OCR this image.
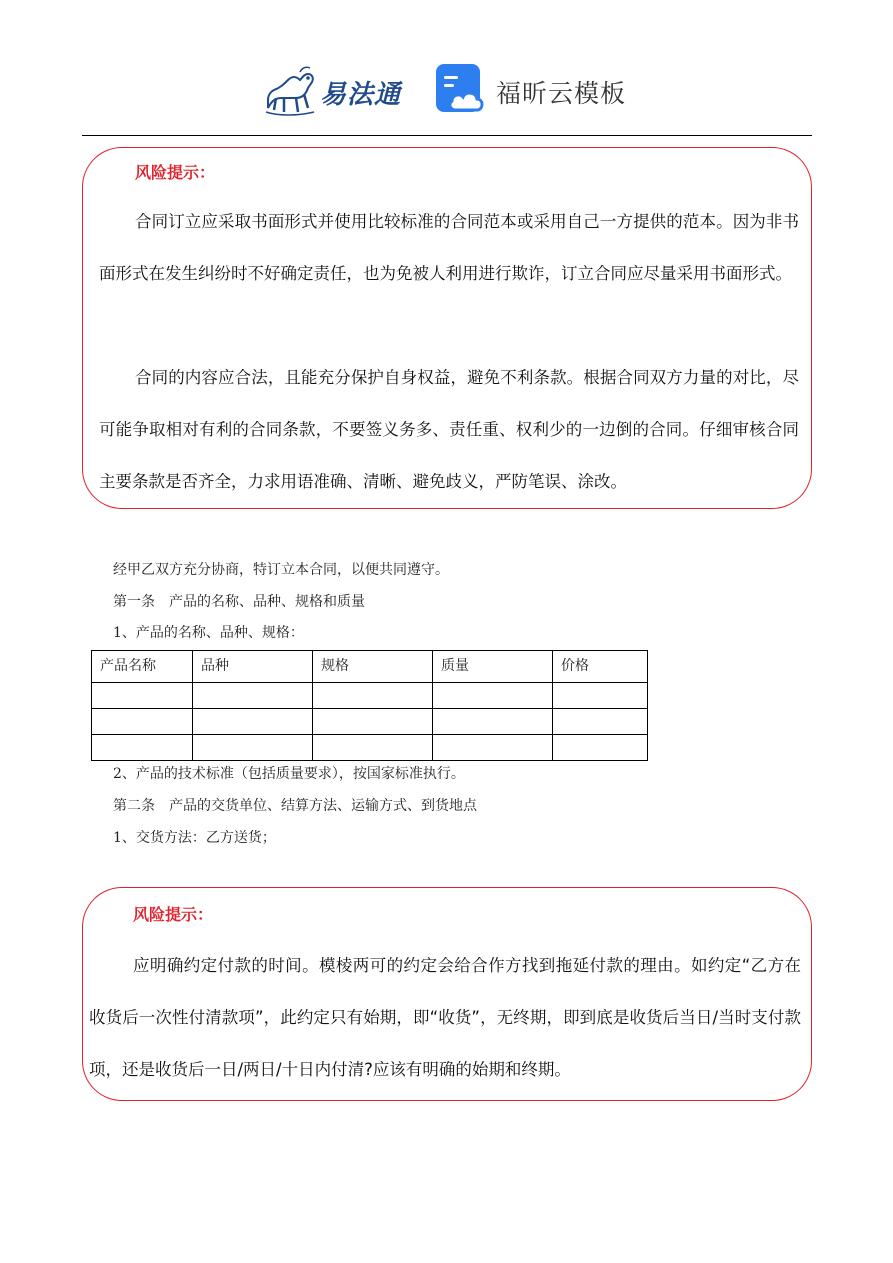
易法通	福昕云模板
风险提示：
合同订立应采取书面形式并使用比较标准的合同范本或采用自己一方提供的范本。因为非书面形式在发生纠纷时不好确定责任，也为免被人利用进行欺诈，订立合同应尽量采用书面形式。
合同的内容应合法，且能充分保护自身权益，避免不利条款。根据合同双方力量的对比，尽可能争取相对有利的合同条款，不要签义务多、责任重、权利少的一边倒的合同。仔细审核合同主要条款是否齐全，力求用语准确、清晰、避免歧义，严防笔误、涂改。
经甲乙双方充分协商，特订立本合同，以便共同遵守。
第一条　产品的名称、品种、规格和质量
1、产品的名称、品种、规格：
产品名称	品种	规格	质量	价格

2、产品的技术标准（包括质量要求），按国家标准执行。
第二条　产品的交货单位、结算方法、运输方式、到货地点
1、交货方法：乙方送货；
风险提示：
应明确约定付款的时间。模棱两可的约定会给合作方找到拖延付款的理由。如约定“乙方在收货后一次性付清款项”，此约定只有始期，即“收货”，无终期，即到底是收货后当日/当时支付款项，还是收货后一日/两日/十日内付清?应该有明确的始期和终期。
